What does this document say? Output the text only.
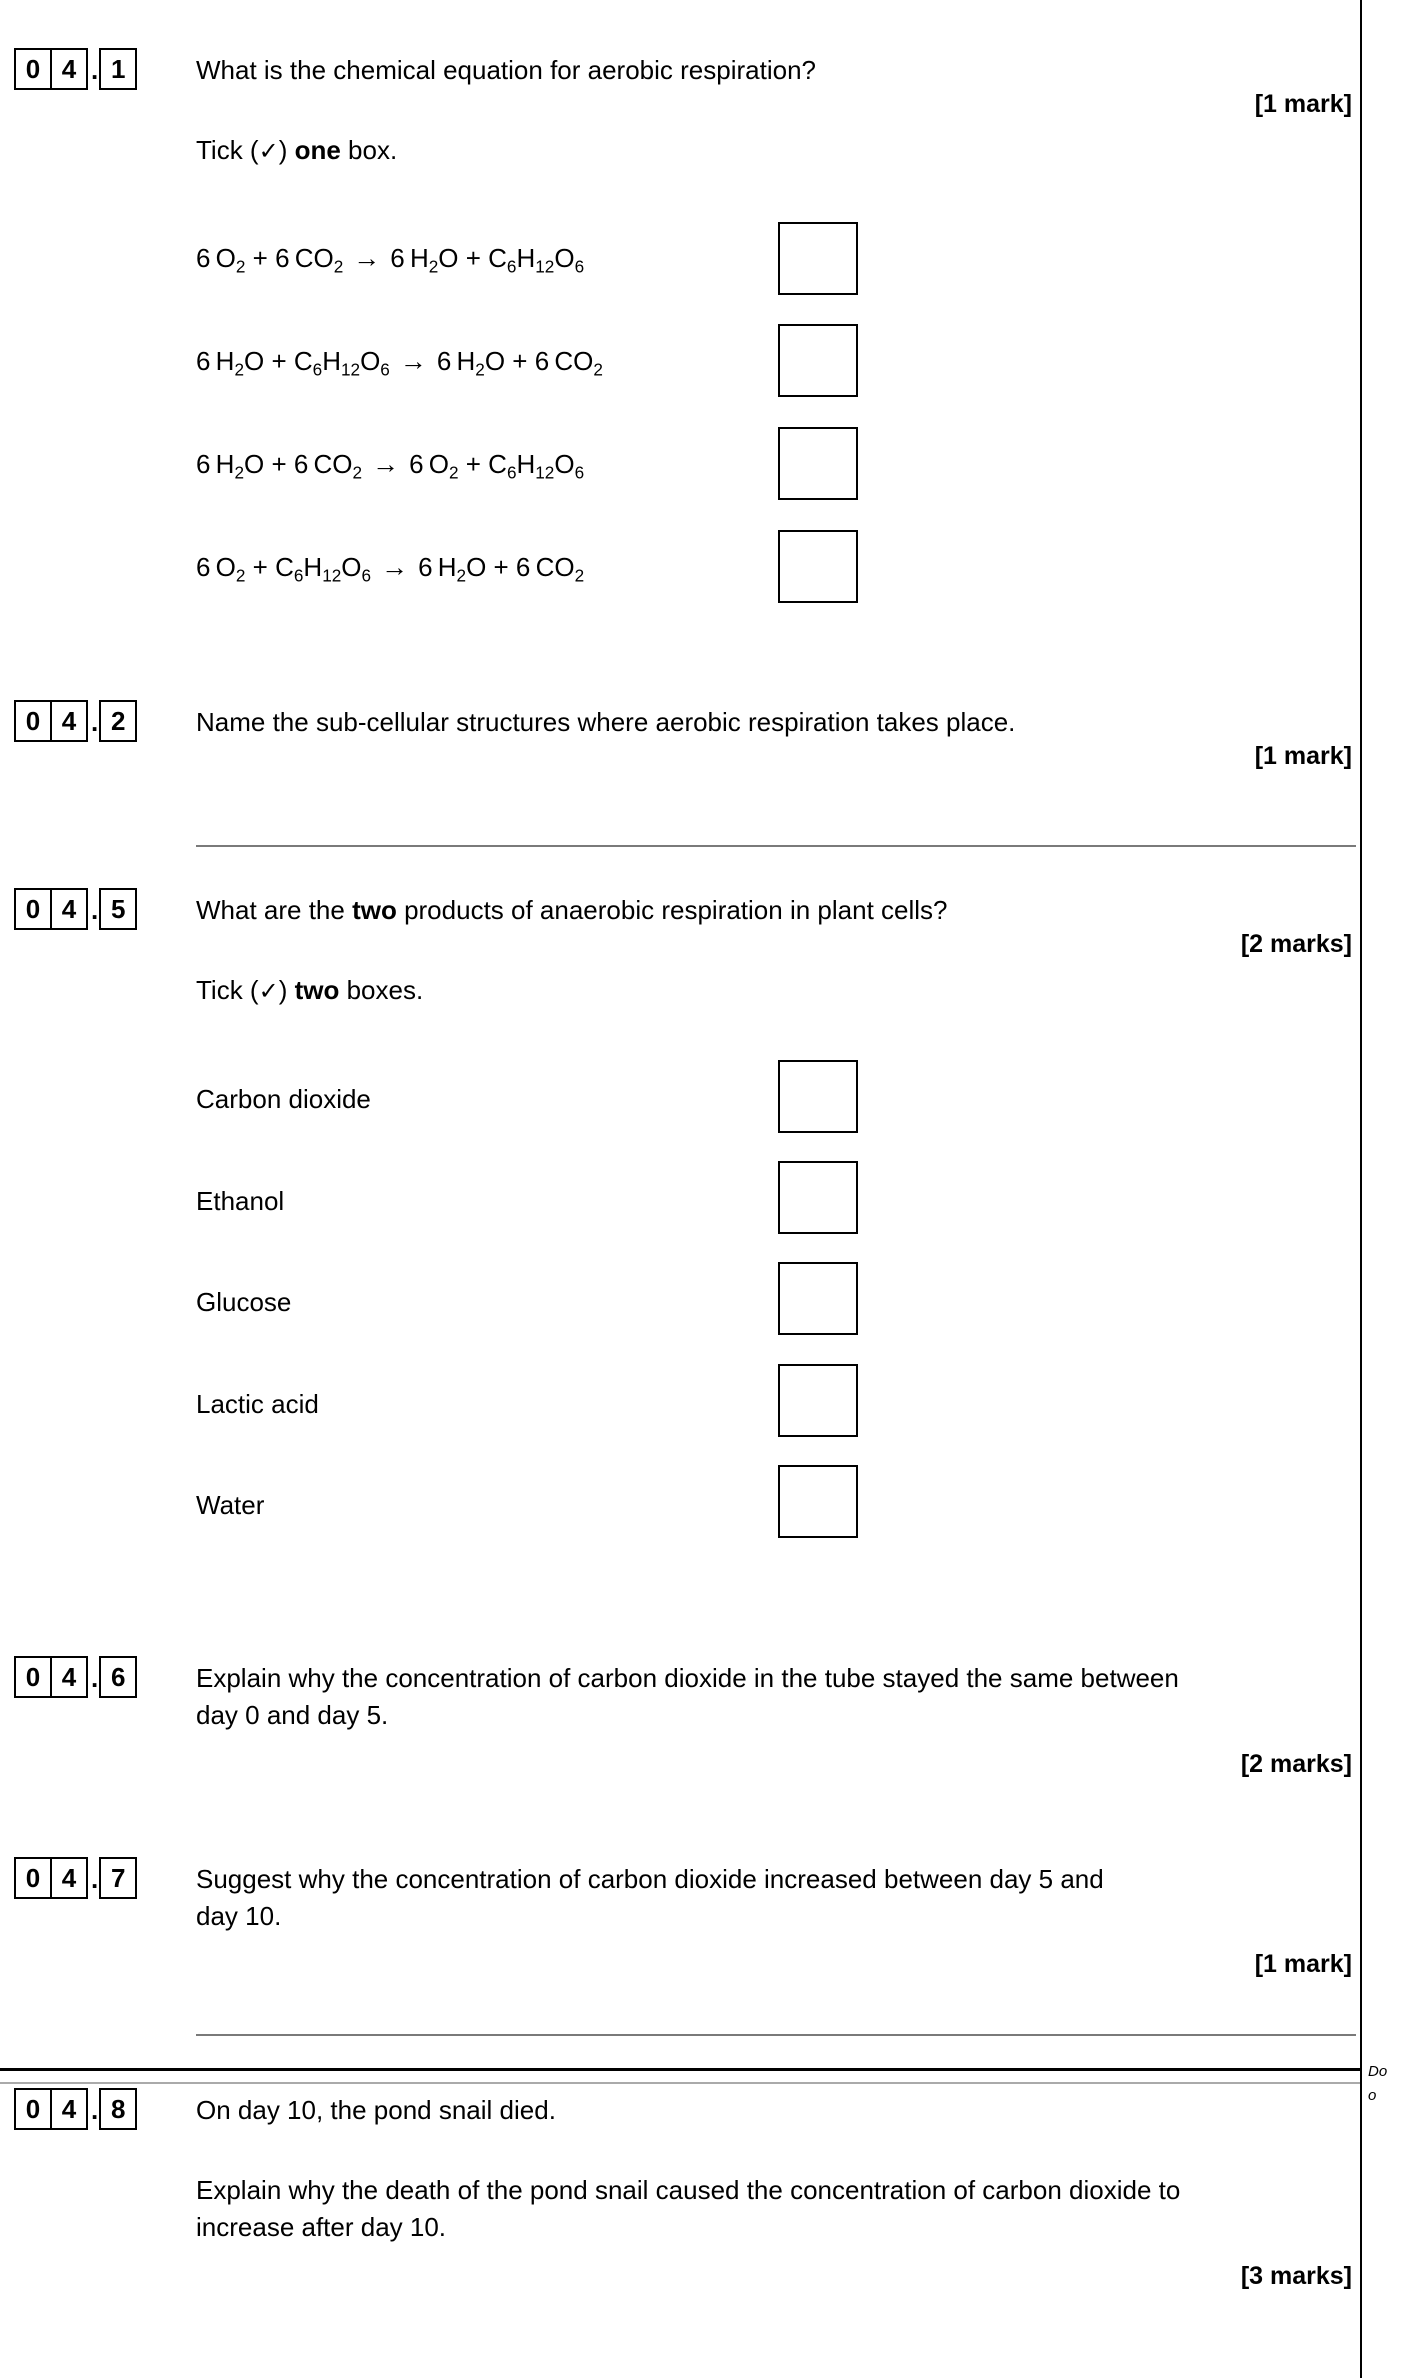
Do
o
0 4 . 1	What is the chemical equation for aerobic respiration?
[1 mark]
Tick (✓) one box.
6 $O_2 + 6$ $CO_2 \to 6$ $H_2O + C_6H_{12}O_6$
6 $H_2O + C_6H_{12}O_6 \to 6$ $H_2O + 6$ $CO_2$
6 $H_2O + 6$ $CO_2 \to 6$ $O_2 + C_6H_{12}O_6$
6 $O_2 + C_6H_{12}O_6 \to 6$ $H_2O + 6$ $CO_2$
0 4 . 2	Name the sub-cellular structures where aerobic respiration takes place.
[1 mark]
0 4 . 5	What are the two products of anaerobic respiration in plant cells?
[2 marks]
Tick (✓) two boxes.
Carbon dioxide
Ethanol
Glucose
Lactic acid
Water
0 4 . 6	Explain why the concentration of carbon dioxide in the tube stayed the same between
day 0 and day 5.
[2 marks]
0 4 . 7	Suggest why the concentration of carbon dioxide increased between day 5 and
day 10.
[1 mark]
0 4 . 8	On day 10, the pond snail died.
Explain why the death of the pond snail caused the concentration of carbon dioxide to
increase after day 10.
[3 marks]
